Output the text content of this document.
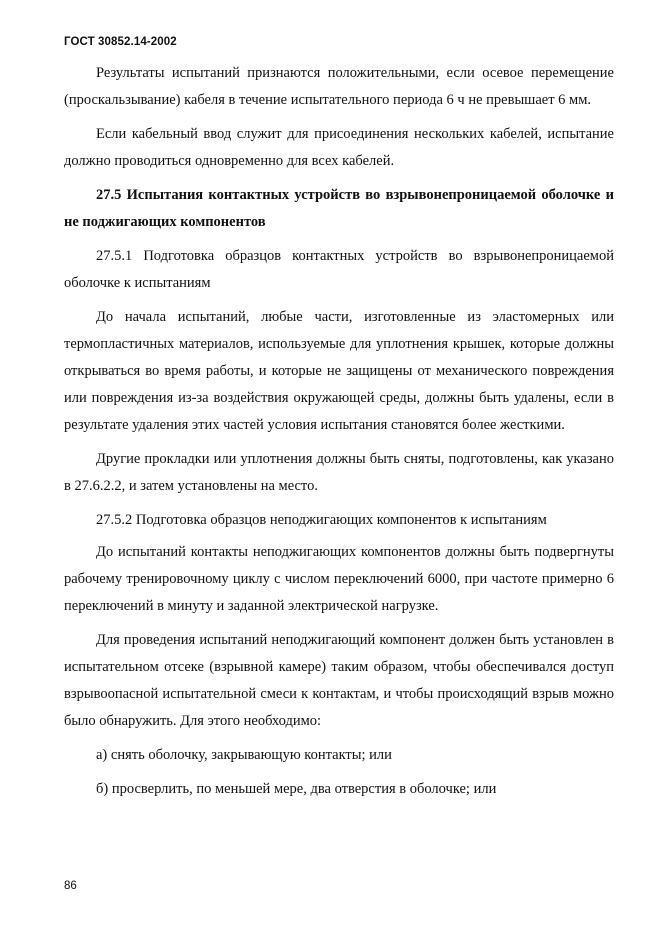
ГОСТ 30852.14-2002

Результаты испытаний признаются положительными, если осевое перемещение (проскальзывание) кабеля в течение испытательного периода 6 ч не превышает 6 мм.

Если кабельный ввод служит для присоединения нескольких кабелей, испытание должно проводиться одновременно для всех кабелей.

27.5 Испытания контактных устройств во взрывонепроницаемой оболочке и не поджигающих компонентов

27.5.1 Подготовка образцов контактных устройств во взрывонепроницаемой оболочке к испытаниям

До начала испытаний, любые части, изготовленные из эластомерных или термопластичных материалов, используемые для уплотнения крышек, которые должны открываться во время работы, и которые не защищены от механического повреждения или повреждения из-за воздействия окружающей среды, должны быть удалены, если в результате удаления этих частей условия испытания становятся более жесткими.

Другие прокладки или уплотнения должны быть сняты, подготовлены, как указано в 27.6.2.2, и затем установлены на место.

27.5.2 Подготовка образцов неподжигающих компонентов к испытаниям

До испытаний контакты неподжигающих компонентов должны быть подвергнуты рабочему тренировочному циклу с числом переключений 6000, при частоте примерно 6 переключений в минуту и заданной электрической нагрузке.

Для проведения испытаний неподжигающий компонент должен быть установлен в испытательном отсеке (взрывной камере) таким образом, чтобы обеспечивался доступ взрывоопасной испытательной смеси к контактам, и чтобы происходящий взрыв можно было обнаружить. Для этого необходимо:

а) снять оболочку, закрывающую контакты; или

б) просверлить, по меньшей мере, два отверстия в оболочке; или

86
